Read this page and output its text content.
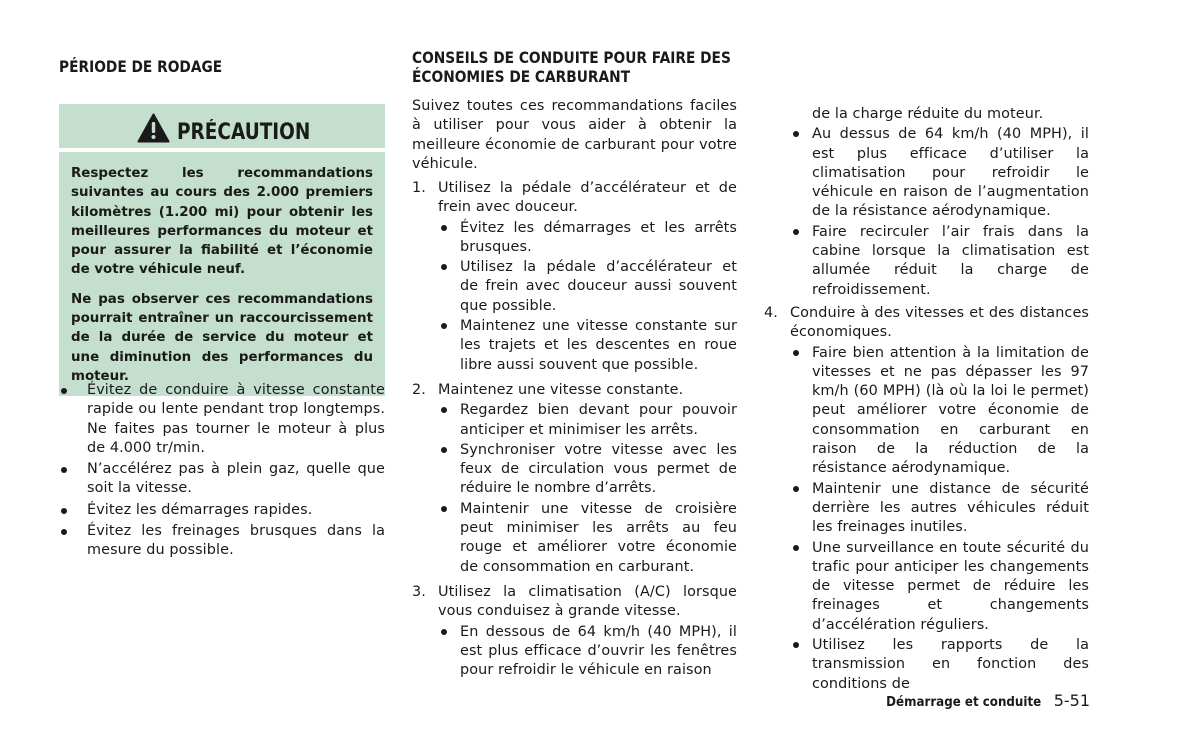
PÉRIODE DE RODAGE
PRÉCAUTION

Respectez les recommandations suivantes au cours des 2.000 premiers kilomètres (1.200 mi) pour obtenir les meilleures performances du moteur et pour assurer la fiabilité et l’économie de votre véhicule neuf.

Ne pas observer ces recommandations pourrait entraîner un raccourcissement de la durée de service du moteur et une diminution des performances du moteur.

Évitez de conduire à vitesse constante rapide ou lente pendant trop longtemps. Ne faites pas tourner le moteur à plus de 4.000 tr/min.
N’accélérez pas à plein gaz, quelle que soit la vitesse.
Évitez les démarrages rapides.
Évitez les freinages brusques dans la mesure du possible.
CONSEILS DE CONDUITE POUR FAIRE DES
ÉCONOMIES DE CARBURANT

Suivez toutes ces recommandations faciles à utiliser pour vous aider à obtenir la meilleure économie de carburant pour votre véhicule.

1. Utilisez la pédale d’accélérateur et de frein avec douceur.
Évitez les démarrages et les arrêts brusques.
Utilisez la pédale d’accélérateur et de frein avec douceur aussi souvent que possible.
Maintenez une vitesse constante sur les trajets et les descentes en roue libre aussi souvent que possible.
2. Maintenez une vitesse constante.
Regardez bien devant pour pouvoir anticiper et minimiser les arrêts.
Synchroniser votre vitesse avec les feux de circulation vous permet de réduire le nombre d’arrêts.
Maintenir une vitesse de croisière peut minimiser les arrêts au feu rouge et améliorer votre économie de consommation en carburant.
3. Utilisez la climatisation (A/C) lorsque vous conduisez à grande vitesse.
En dessous de 64 km/h (40 MPH), il est plus efficace d’ouvrir les fenêtres pour refroidir le véhicule en raison
de la charge réduite du moteur.
Au dessus de 64 km/h (40 MPH), il est plus efficace d’utiliser la climatisation pour refroidir le véhicule en raison de l’augmentation de la résistance aérodynamique.
Faire recirculer l’air frais dans la cabine lorsque la climatisation est allumée réduit la charge de refroidissement.
4. Conduire à des vitesses et des distances économiques.
Faire bien attention à la limitation de vitesses et ne pas dépasser les 97 km/h (60 MPH) (là où la loi le permet) peut améliorer votre économie de consommation en carburant en raison de la réduction de la résistance aérodynamique.
Maintenir une distance de sécurité derrière les autres véhicules réduit les freinages inutiles.
Une surveillance en toute sécurité du trafic pour anticiper les changements de vitesse permet de réduire les freinages et changements d’accélération réguliers.
Utilisez les rapports de la transmission en fonction des conditions de
Démarrage et conduite 5-51
